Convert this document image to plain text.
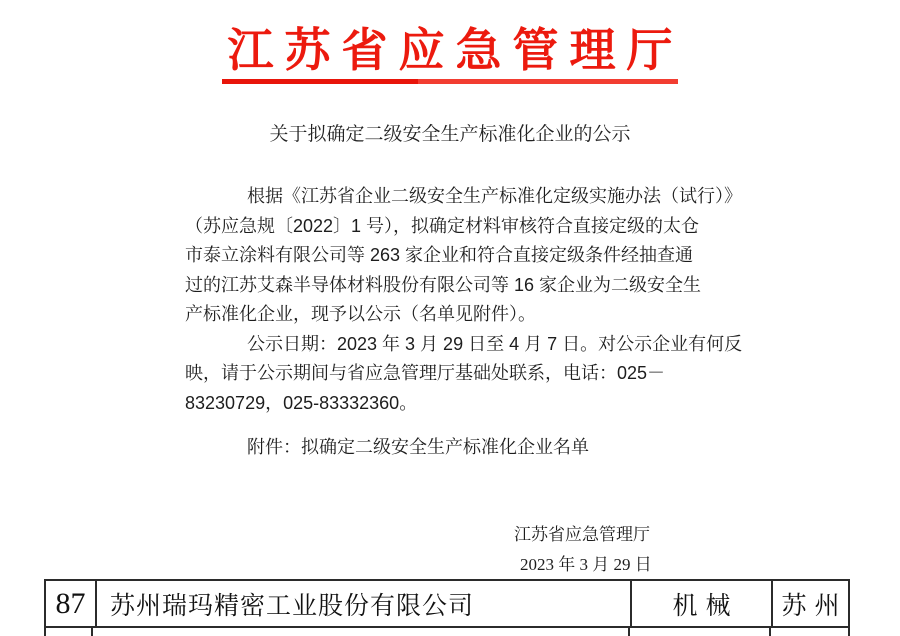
江苏省应急管理厅
关于拟确定二级安全生产标准化企业的公示
根据《江苏省企业二级安全生产标准化定级实施办法（试行）》
（苏应急规〔2022〕1 号），拟确定材料审核符合直接定级的太仓
市泰立涂料有限公司等 263 家企业和符合直接定级条件经抽查通
过的江苏艾森半导体材料股份有限公司等 16 家企业为二级安全生
产标准化企业，现予以公示（名单见附件）。
公示日期：2023 年 3 月 29 日至 4 月 7 日。对公示企业有何反
映，请于公示期间与省应急管理厅基础处联系，电话：025－
83230729，025-83332360。
附件：拟确定二级安全生产标准化企业名单
江苏省应急管理厅
2023 年 3 月 29 日
87 苏州瑞玛精密工业股份有限公司	机械	苏州
